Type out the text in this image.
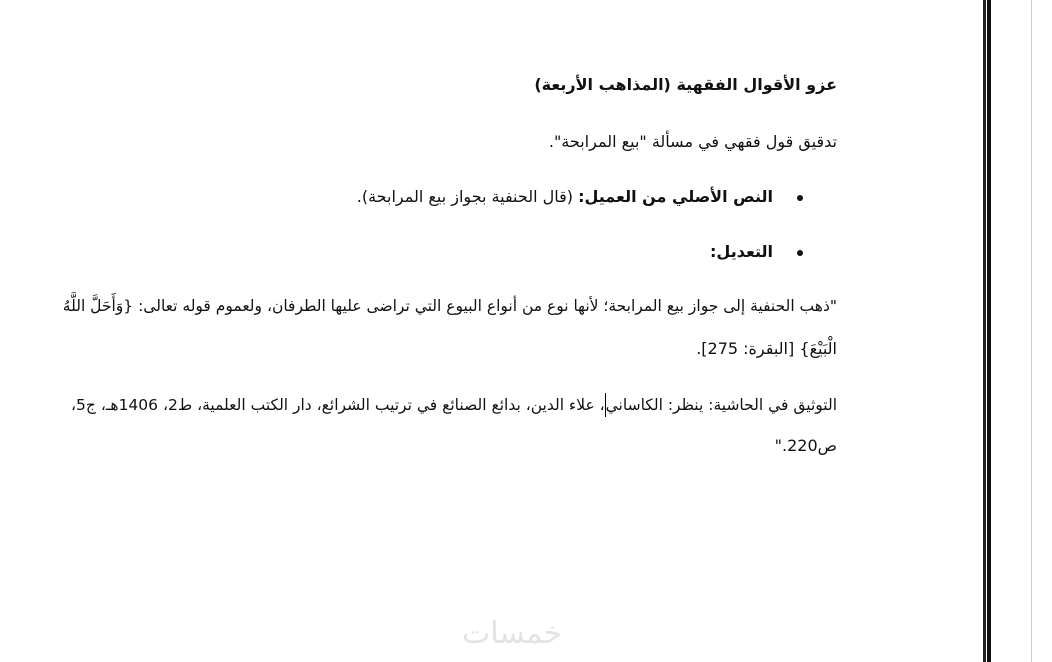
عزو الأقوال الفقهية (المذاهب الأربعة)
تدقيق قول فقهي في مسألة "بيع المرابحة".
النص الأصلي من العميل: (قال الحنفية بجواز بيع المرابحة).
التعديل:
"ذهب الحنفية إلى جواز بيع المرابحة؛ لأنها نوع من أنواع البيوع التي تراضى عليها الطرفان، ولعموم قوله تعالى: {وَأَحَلَّ اللَّهُ
الْبَيْعَ} [البقرة: 275].
التوثيق في الحاشية: ينظر: الكاساني، علاء الدين، بدائع الصنائع في ترتيب الشرائع، دار الكتب العلمية، ط2، 1406هـ، ج5،
ص220."
خمسات
